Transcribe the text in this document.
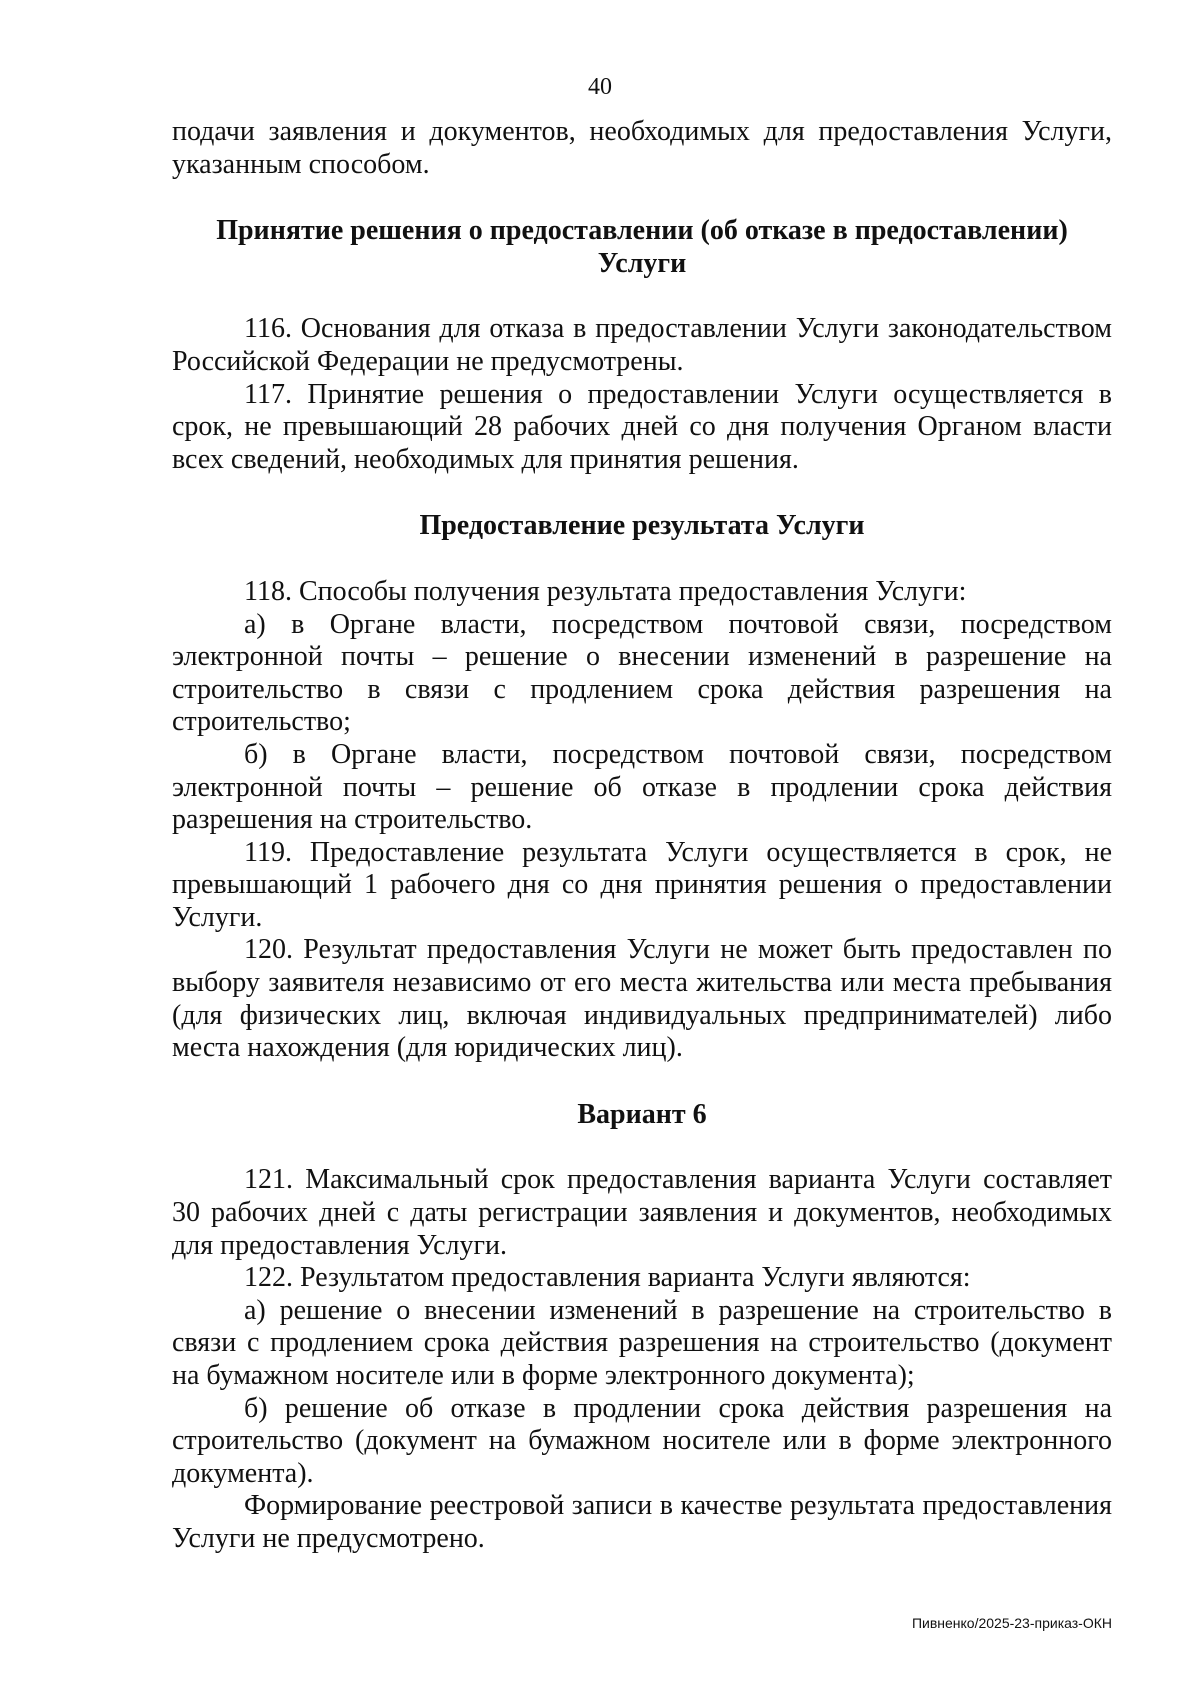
40

подачи заявления и документов, необходимых для предоставления Услуги, указанным способом.

Принятие решения о предоставлении (об отказе в предоставлении) Услуги

116. Основания для отказа в предоставлении Услуги законодательством Российской Федерации не предусмотрены.

117. Принятие решения о предоставлении Услуги осуществляется в срок, не превышающий 28 рабочих дней со дня получения Органом власти всех сведений, необходимых для принятия решения.

Предоставление результата Услуги

118. Способы получения результата предоставления Услуги:

а) в Органе власти, посредством почтовой связи, посредством электронной почты – решение о внесении изменений в разрешение на строительство в связи с продлением срока действия разрешения на строительство;

б) в Органе власти, посредством почтовой связи, посредством электронной почты – решение об отказе в продлении срока действия разрешения на строительство.

119. Предоставление результата Услуги осуществляется в срок, не превышающий 1 рабочего дня со дня принятия решения о предоставлении Услуги.

120. Результат предоставления Услуги не может быть предоставлен по выбору заявителя независимо от его места жительства или места пребывания (для физических лиц, включая индивидуальных предпринимателей) либо места нахождения (для юридических лиц).

Вариант 6

121. Максимальный срок предоставления варианта Услуги составляет 30 рабочих дней с даты регистрации заявления и документов, необходимых для предоставления Услуги.

122. Результатом предоставления варианта Услуги являются:

а) решение о внесении изменений в разрешение на строительство в связи с продлением срока действия разрешения на строительство (документ на бумажном носителе или в форме электронного документа);

б) решение об отказе в продлении срока действия разрешения на строительство (документ на бумажном носителе или в форме электронного документа).

Формирование реестровой записи в качестве результата предоставления Услуги не предусмотрено.

Пивненко/2025-23-приказ-ОКН
